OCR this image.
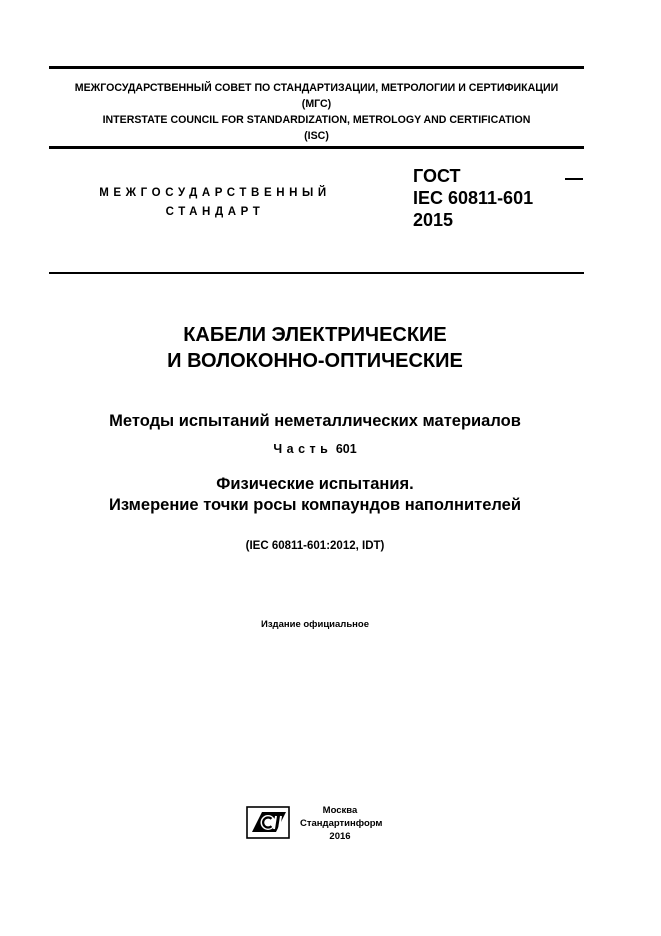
МЕЖГОСУДАРСТВЕННЫЙ СОВЕТ ПО СТАНДАРТИЗАЦИИ, МЕТРОЛОГИИ И СЕРТИФИКАЦИИ
(МГС)
INTERSTATE COUNCIL FOR STANDARDIZATION, METROLOGY AND CERTIFICATION
(ISC)
МЕЖГОСУДАРСТВЕННЫЙ
СТАНДАРТ
ГОСТ
IEC 60811-601
2015
КАБЕЛИ ЭЛЕКТРИЧЕСКИЕ
И ВОЛОКОННО-ОПТИЧЕСКИЕ
Методы испытаний неметаллических материалов
Часть 601
Физические испытания.
Измерение точки росы компаундов наполнителей
(IEC 60811-601:2012, IDT)
Издание официальное
Москва
Стандартинформ
2016
